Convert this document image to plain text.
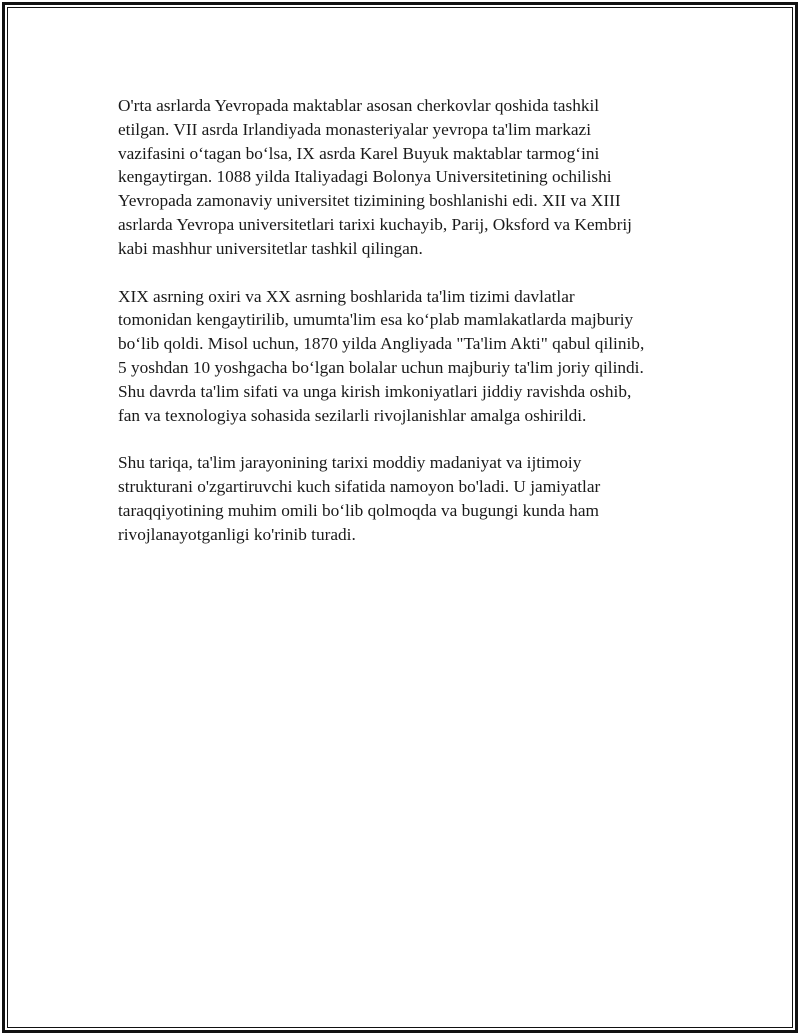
O'rta asrlarda Yevropada maktablar asosan cherkovlar qoshida tashkil
etilgan. VII asrda Irlandiyada monasteriyalar yevropa ta'lim markazi
vazifasini o‘tagan bo‘lsa, IX asrda Karel Buyuk maktablar tarmog‘ini
kengaytirgan. 1088 yilda Italiyadagi Bolonya Universitetining ochilishi
Yevropada zamonaviy universitet tizimining boshlanishi edi. XII va XIII
asrlarda Yevropa universitetlari tarixi kuchayib, Parij, Oksford va Kembrij
kabi mashhur universitetlar tashkil qilingan.
XIX asrning oxiri va XX asrning boshlarida ta'lim tizimi davlatlar
tomonidan kengaytirilib, umumta'lim esa ko‘plab mamlakatlarda majburiy
bo‘lib qoldi. Misol uchun, 1870 yilda Angliyada "Ta'lim Akti" qabul qilinib,
5 yoshdan 10 yoshgacha bo‘lgan bolalar uchun majburiy ta'lim joriy qilindi.
Shu davrda ta'lim sifati va unga kirish imkoniyatlari jiddiy ravishda oshib,
fan va texnologiya sohasida sezilarli rivojlanishlar amalga oshirildi.
Shu tariqa, ta'lim jarayonining tarixi moddiy madaniyat va ijtimoiy
strukturani o'zgartiruvchi kuch sifatida namoyon bo'ladi. U jamiyatlar
taraqqiyotining muhim omili bo‘lib qolmoqda va bugungi kunda ham
rivojlanayotganligi ko'rinib turadi.
